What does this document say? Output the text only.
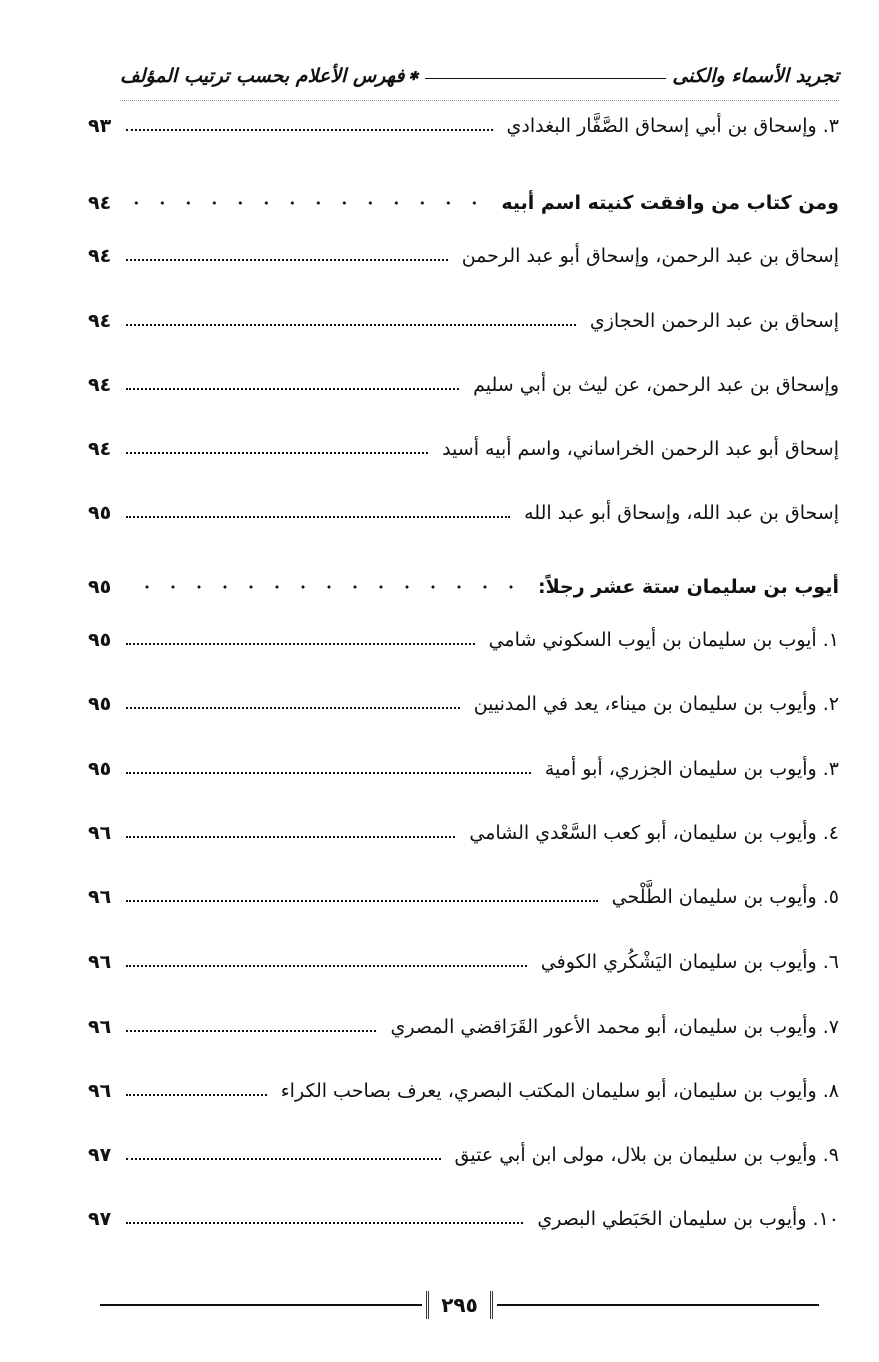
تجريد الأسماء والكنى
✱
فهرس الأعلام بحسب ترتيب المؤلف
٣. وإسحاق بن أبي إسحاق الصَّفَّار البغدادي
٩٣
ومن كتاب من وافقت كنيته اسم أبيه
٩٤
إسحاق بن عبد الرحمن، وإسحاق أبو عبد الرحمن
٩٤
إسحاق بن عبد الرحمن الحجازي
٩٤
وإسحاق بن عبد الرحمن، عن ليث بن أبي سليم
٩٤
إسحاق أبو عبد الرحمن الخراساني، واسم أبيه أسيد
٩٤
إسحاق بن عبد الله، وإسحاق أبو عبد الله
٩٥
أيوب بن سليمان ستة عشر رجلاً:
٩٥
١. أيوب بن سليمان بن أيوب السكوني شامي
٩٥
٢. وأيوب بن سليمان بن ميناء، يعد في المدنيين
٩٥
٣. وأيوب بن سليمان الجزري، أبو أمية
٩٥
٤. وأيوب بن سليمان، أبو كعب السَّعْدي الشامي
٩٦
٥. وأيوب بن سليمان الطَّلْحي
٩٦
٦. وأيوب بن سليمان اليَشْكُري الكوفي
٩٦
٧. وأيوب بن سليمان، أبو محمد الأعور القَرَاقضي المصري
٩٦
٨. وأيوب بن سليمان، أبو سليمان المكتب البصري، يعرف بصاحب الكراء
٩٦
٩. وأيوب بن سليمان بن بلال، مولى ابن أبي عتيق
٩٧
١٠. وأيوب بن سليمان الحَبَطي البصري
٩٧
٢٩٥
